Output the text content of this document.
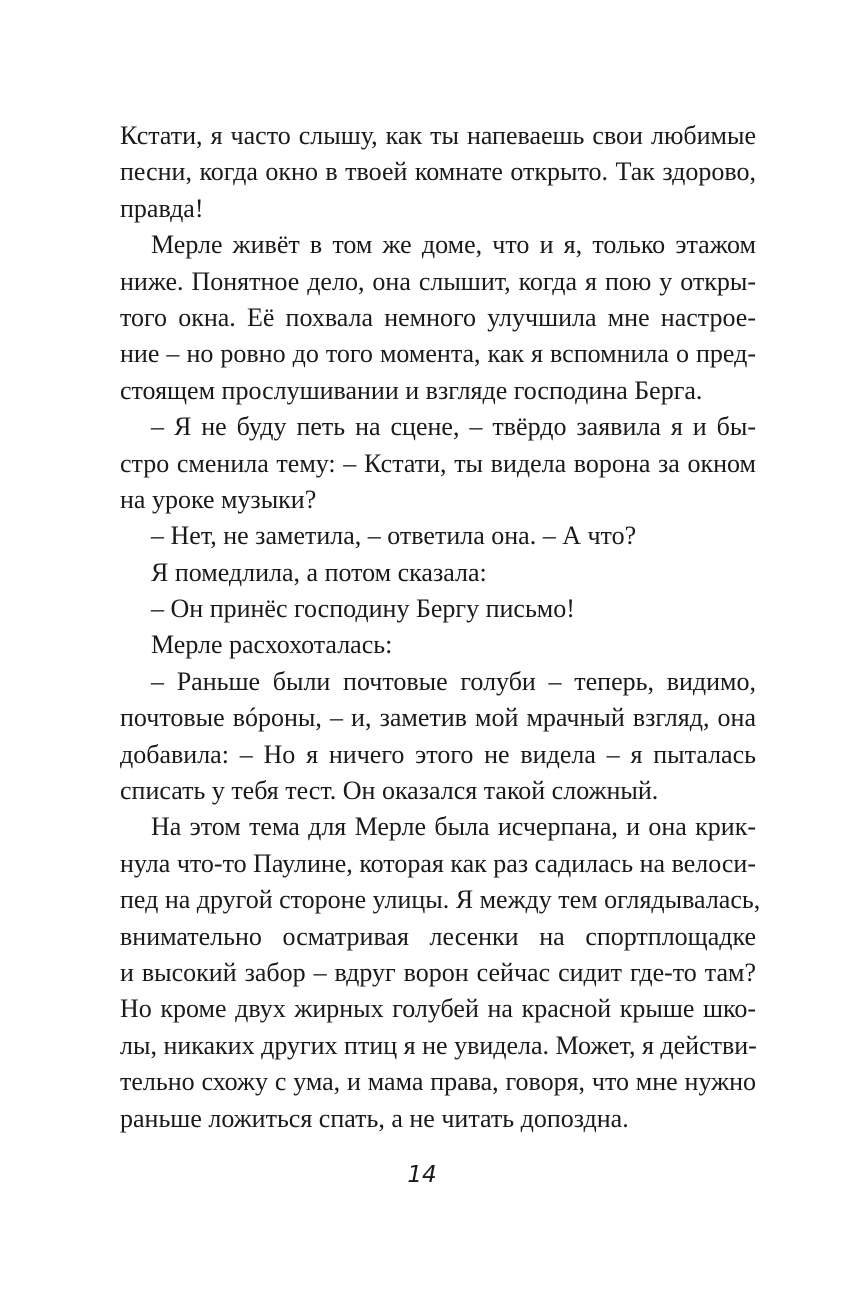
Кстати, я часто слышу, как ты напеваешь свои любимые
песни, когда окно в твоей комнате открыто. Так здорово,
правда!
Мерле живёт в том же доме, что и я, только этажом
ниже. Понятное дело, она слышит, когда я пою у откры-
того окна. Её похвала немного улучшила мне настрое-
ние – но ровно до того момента, как я вспомнила о пред-
стоящем прослушивании и взгляде господина Берга.
– Я не буду петь на сцене, – твёрдо заявила я и бы-
стро сменила тему: – Кстати, ты видела ворона за окном
на уроке музыки?
– Нет, не заметила, – ответила она. – А что?
Я помедлила, а потом сказала:
– Он принёс господину Бергу письмо!
Мерле расхохоталась:
– Раньше были почтовые голуби – теперь, видимо,
почтовые вóроны, – и, заметив мой мрачный взгляд, она
добавила: – Но я ничего этого не видела – я пыталась
списать у тебя тест. Он оказался такой сложный.
На этом тема для Мерле была исчерпана, и она крик-
нула что-то Паулине, которая как раз садилась на велоси-
пед на другой стороне улицы. Я между тем оглядывалась,
внимательно осматривая лесенки на спортплощадке
и высокий забор – вдруг ворон сейчас сидит где-то там?
Но кроме двух жирных голубей на красной крыше шко-
лы, никаких других птиц я не увидела. Может, я действи-
тельно схожу с ума, и мама права, говоря, что мне нужно
раньше ложиться спать, а не читать допоздна.
14
